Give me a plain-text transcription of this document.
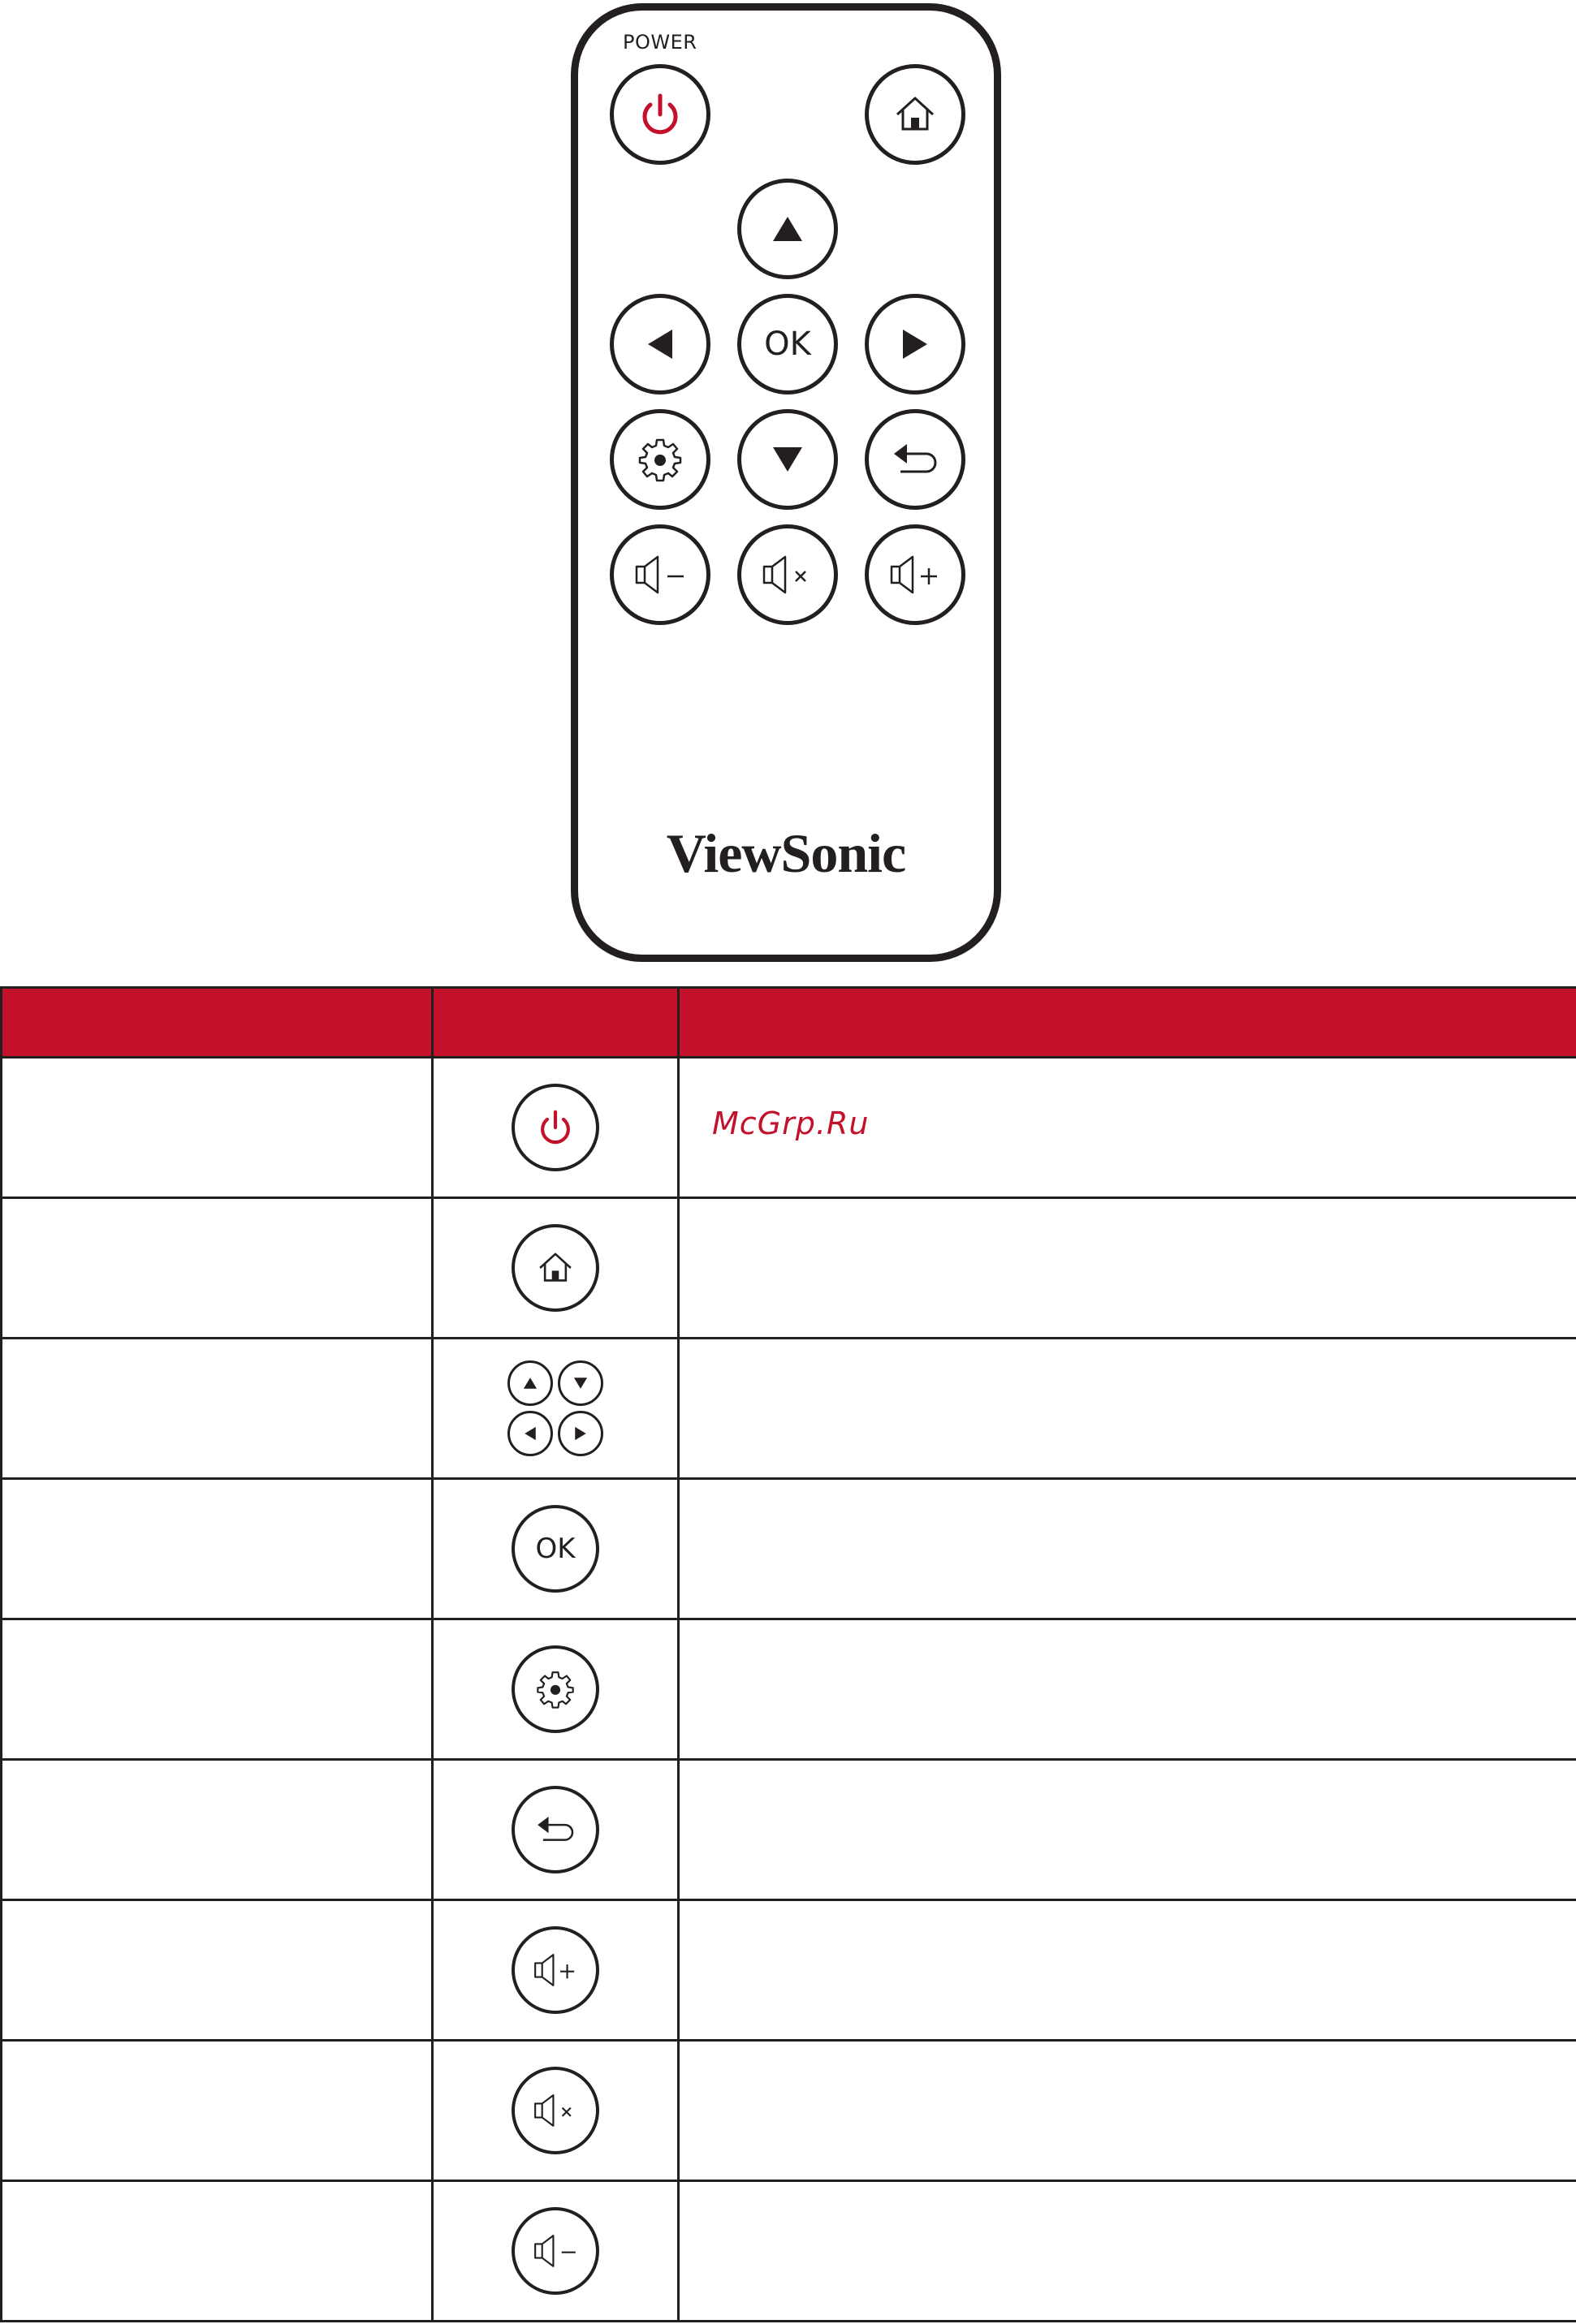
POWER
OK
ViewSonic

McGrp.Ru

	OK	
